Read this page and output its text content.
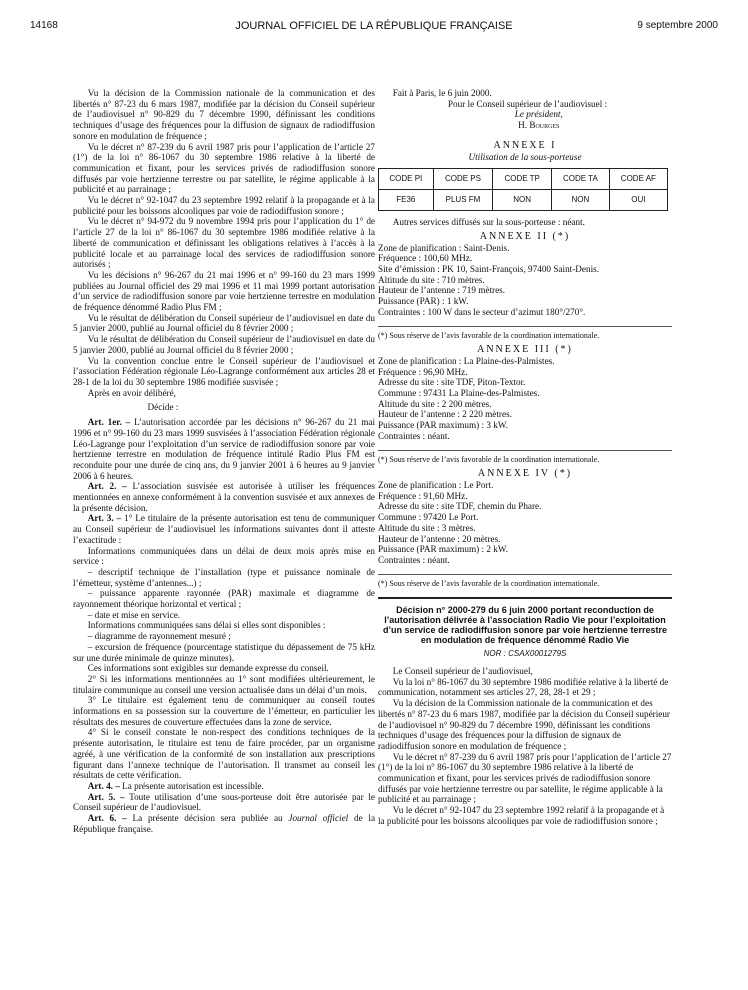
14168	JOURNAL OFFICIEL DE LA RÉPUBLIQUE FRANÇAISE	9 septembre 2000

Vu la décision de la Commission nationale de la communication et des libertés n° 87-23 du 6 mars 1987, modifiée par la décision du Conseil supérieur de l’audiovisuel n° 90-829 du 7 décembre 1990, définissant les conditions techniques d’usage des fréquences pour la diffusion de signaux de radiodiffusion sonore en modulation de fréquence ;

Vu le décret n° 87-239 du 6 avril 1987 pris pour l’application de l’article 27 (1°) de la loi n° 86-1067 du 30 septembre 1986 relative à la liberté de communication et fixant, pour les services privés de radiodiffusion sonore diffusés par voie hertzienne terrestre ou par satellite, le régime applicable à la publicité et au parrainage ;

Vu le décret n° 92-1047 du 23 septembre 1992 relatif à la propagande et à la publicité pour les boissons alcooliques par voie de radiodiffusion sonore ;

Vu le décret n° 94-972 du 9 novembre 1994 pris pour l’application du 1° de l’article 27 de la loi n° 86-1067 du 30 septembre 1986 modifiée relative à la liberté de communication et définissant les obligations relatives à l’accès à la publicité locale et au parrainage local des services de radiodiffusion sonore autorisés ;

Vu les décisions n° 96-267 du 21 mai 1996 et n° 99-160 du 23 mars 1999 publiées au Journal officiel des 29 mai 1996 et 11 mai 1999 portant autorisation d’un service de radiodiffusion sonore par voie hertzienne terrestre en modulation de fréquence dénommé Radio Plus FM ;

Vu le résultat de délibération du Conseil supérieur de l’audiovisuel en date du 5 janvier 2000, publié au Journal officiel du 8 février 2000 ;

Vu le résultat de délibération du Conseil supérieur de l’audiovisuel en date du 5 janvier 2000, publié au Journal officiel du 8 février 2000 ;

Vu la convention conclue entre le Conseil supérieur de l’audiovisuel et l’association Fédération régionale Léo-Lagrange conformément aux articles 28 et 28-1 de la loi du 30 septembre 1986 modifiée susvisée ;

Après en avoir délibéré,

Décide :

Art. 1er. – L’autorisation accordée par les décisions n° 96-267 du 21 mai 1996 et n° 99-160 du 23 mars 1999 susvisées à l’association Fédération régionale Léo-Lagrange pour l’exploitation d’un service de radiodiffusion sonore par voie hertzienne terrestre en modulation de fréquence intitulé Radio Plus FM est reconduite pour une durée de cinq ans, du 9 janvier 2001 à 6 heures au 9 janvier 2006 à 6 heures.

Art. 2. – L’association susvisée est autorisée à utiliser les fréquences mentionnées en annexe conformément à la convention susvisée et aux annexes de la présente décision.

Art. 3. – 1° Le titulaire de la présente autorisation est tenu de communiquer au Conseil supérieur de l’audiovisuel les informations suivantes dont il atteste l’exactitude :

Informations communiquées dans un délai de deux mois après mise en service :

– descriptif technique de l’installation (type et puissance nominale de l’émetteur, système d’antennes...) ;

– puissance apparente rayonnée (PAR) maximale et diagramme de rayonnement théorique horizontal et vertical ;

– date et mise en service.

Informations communiquées sans délai si elles sont disponibles :

– diagramme de rayonnement mesuré ;

– excursion de fréquence (pourcentage statistique du dépassement de 75 kHz sur une durée minimale de quinze minutes).

Ces informations sont exigibles sur demande expresse du conseil.

2° Si les informations mentionnées au 1° sont modifiées ultérieurement, le titulaire communique au conseil une version actualisée dans un délai d’un mois.

3° Le titulaire est également tenu de communiquer au conseil toutes informations en sa possession sur la couverture de l’émetteur, en particulier les résultats des mesures de couverture effectuées dans la zone de service.

4° Si le conseil constate le non-respect des conditions techniques de la présente autorisation, le titulaire est tenu de faire procéder, par un organisme agréé, à une vérification de la conformité de son installation aux prescriptions figurant dans l’annexe technique de l’autorisation. Il transmet au conseil les résultats de cette vérification.

Art. 4. – La présente autorisation est incessible.

Art. 5. – Toute utilisation d’une sous-porteuse doit être autorisée par le Conseil supérieur de l’audiovisuel.

Art. 6. – La présente décision sera publiée au Journal officiel de la République française.

Fait à Paris, le 6 juin 2000.

Pour le Conseil supérieur de l’audiovisuel :

Le président,

H. Bourges

ANNEXE I
Utilisation de la sous-porteuse
CODE PI	CODE PS	CODE TP	CODE TA	CODE AF
FE36	PLUS FM	NON	NON	OUI

Autres services diffusés sur la sous-porteuse : néant.

ANNEXE II (*)

Zone de planification : Saint-Denis.

Fréquence : 100,60 MHz.

Site d’émission : PK 10, Saint-François, 97400 Saint-Denis.

Altitude du site : 710 mètres.

Hauteur de l’antenne : 719 mètres.

Puissance (PAR) : 1 kW.

Contraintes : 100 W dans le secteur d’azimut 180°/270°.

(*) Sous réserve de l’avis favorable de la coordination internationale.

ANNEXE III (*)

Zone de planification : La Plaine-des-Palmistes.

Fréquence : 96,90 MHz.

Adresse du site : site TDF, Piton-Textor.

Commune : 97431 La Plaine-des-Palmistes.

Altitude du site : 2 200 mètres.

Hauteur de l’antenne : 2 220 mètres.

Puissance (PAR maximum) : 3 kW.

Contraintes : néant.

(*) Sous réserve de l’avis favorable de la coordination internationale.

ANNEXE IV (*)

Zone de planification : Le Port.

Fréquence : 91,60 MHz.

Adresse du site : site TDF, chemin du Phare.

Commune : 97420 Le Port.

Altitude du site : 3 mètres.

Hauteur de l’antenne : 20 mètres.

Puissance (PAR maximum) : 2 kW.

Contraintes : néant.

(*) Sous réserve de l’avis favorable de la coordination internationale.

Décision n° 2000-279 du 6 juin 2000 portant reconduction de l’autorisation délivrée à l’association Radio Vie pour l’exploitation d’un service de radiodiffusion sonore par voie hertzienne terrestre en modulation de fréquence dénommé Radio Vie

NOR : CSAX0001279S

Le Conseil supérieur de l’audiovisuel,

Vu la loi n° 86-1067 du 30 septembre 1986 modifiée relative à la liberté de communication, notamment ses articles 27, 28, 28-1 et 29 ;

Vu la décision de la Commission nationale de la communication et des libertés n° 87-23 du 6 mars 1987, modifiée par la décision du Conseil supérieur de l’audiovisuel n° 90-829 du 7 décembre 1990, définissant les conditions techniques d’usage des fréquences pour la diffusion de signaux de radiodiffusion sonore en modulation de fréquence ;

Vu le décret n° 87-239 du 6 avril 1987 pris pour l’application de l’article 27 (1°) de la loi n° 86-1067 du 30 septembre 1986 relative à la liberté de communication et fixant, pour les services privés de radiodiffusion sonore diffusés par voie hertzienne terrestre ou par satellite, le régime applicable à la publicité et au parrainage ;

Vu le décret n° 92-1047 du 23 septembre 1992 relatif à la propagande et à la publicité pour les boissons alcooliques par voie de radiodiffusion sonore ;
